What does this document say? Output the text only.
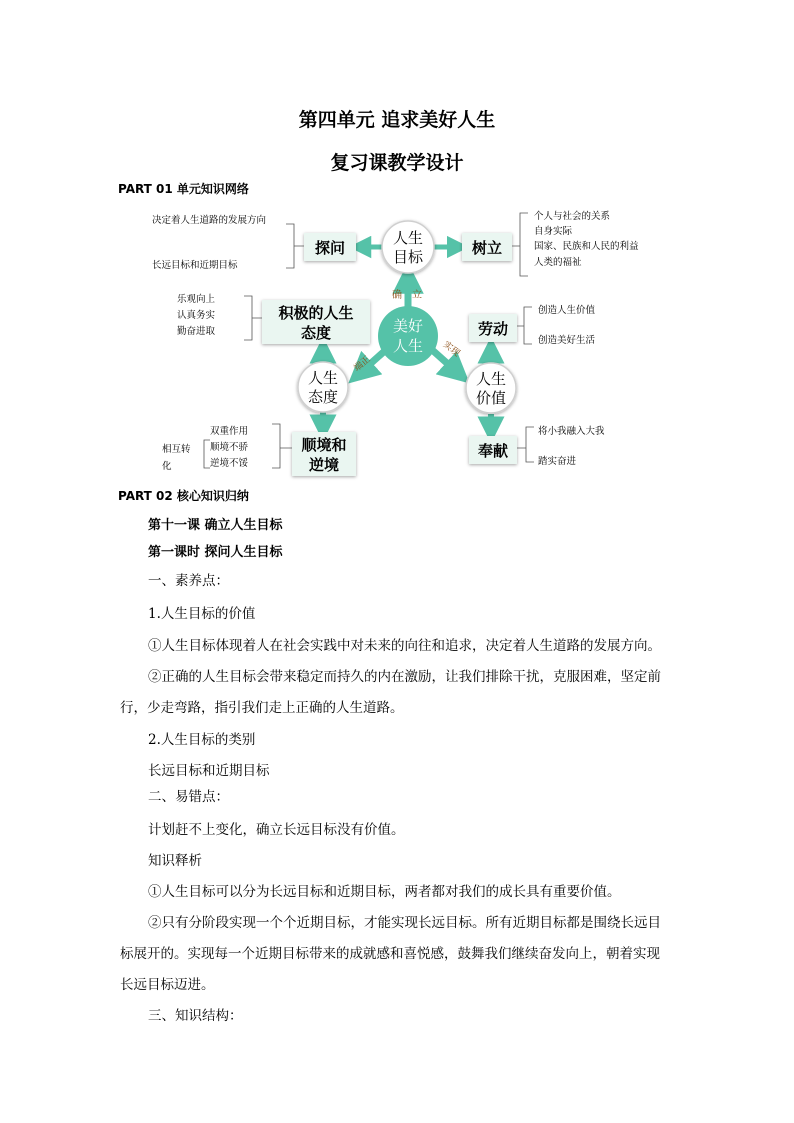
第四单元 追求美好人生
复习课教学设计
PART 01 单元知识网络
确 立
端正
实现
美好
人生
人生
目标
人生
态度
人生
价值
探问	树立
积极的人生
态度	劳动
顺境和
逆境
奉献
决定着人生道路的发展方向
长远目标和近期目标
个人与社会的关系
自身实际
国家、民族和人民的利益
人类的福祉
乐观向上
认真务实
勤奋进取
创造人生价值
创造美好生活
双重作用
顺境不骄
逆境不馁
相互转
化
将小我融入大我
踏实奋进
PART 02 核心知识归纳
第十一课 确立人生目标
第一课时 探问人生目标
一、素养点：
1.人生目标的价值
①人生目标体现着人在社会实践中对未来的向往和追求，决定着人生道路的发展方向。
②正确的人生目标会带来稳定而持久的内在激励，让我们排除干扰，克服困难，坚定前
行，少走弯路，指引我们走上正确的人生道路。
2.人生目标的类别
长远目标和近期目标
二、易错点：
计划赶不上变化，确立长远目标没有价值。
知识释析
①人生目标可以分为长远目标和近期目标，两者都对我们的成长具有重要价值。
②只有分阶段实现一个个近期目标，才能实现长远目标。所有近期目标都是围绕长远目
标展开的。实现每一个近期目标带来的成就感和喜悦感，鼓舞我们继续奋发向上，朝着实现
长远目标迈进。
三、知识结构：
